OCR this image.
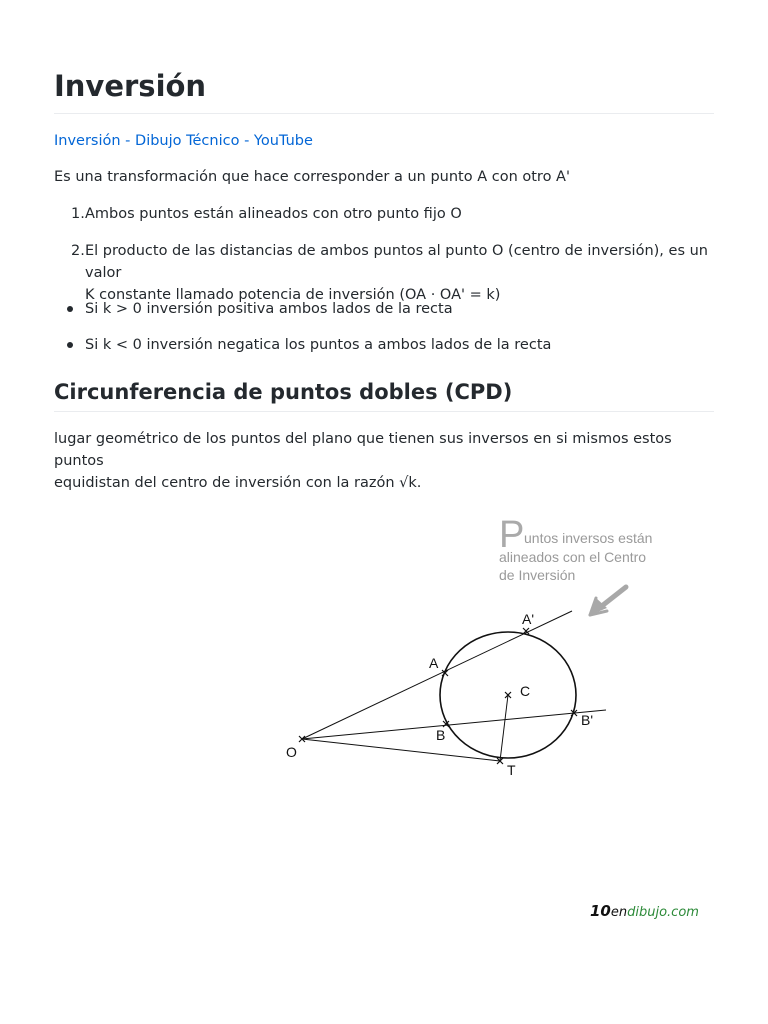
Inversión
Inversión - Dibujo Técnico - YouTube

Es una transformación que hace corresponder a un punto A con otro A'

1. Ambos puntos están alineados con otro punto fijo O

2. El producto de las distancias de ambos puntos al punto O (centro de inversión), es un valor
K constante llamado potencia de inversión (OA · OA' = k)

Si k > 0 inversión positiva ambos lados de la recta

Si k < 0 inversión negatica los puntos a ambos lados de la recta

Circunferencia de puntos dobles (CPD)

lugar geométrico de los puntos del plano que tienen sus inversos en si mismos estos puntos
equidistan del centro de inversión con la razón √k.

P untos inversos están
alineados con el Centro
de Inversión
A'
A
C
B
B'
O
T
10endibujo.com
